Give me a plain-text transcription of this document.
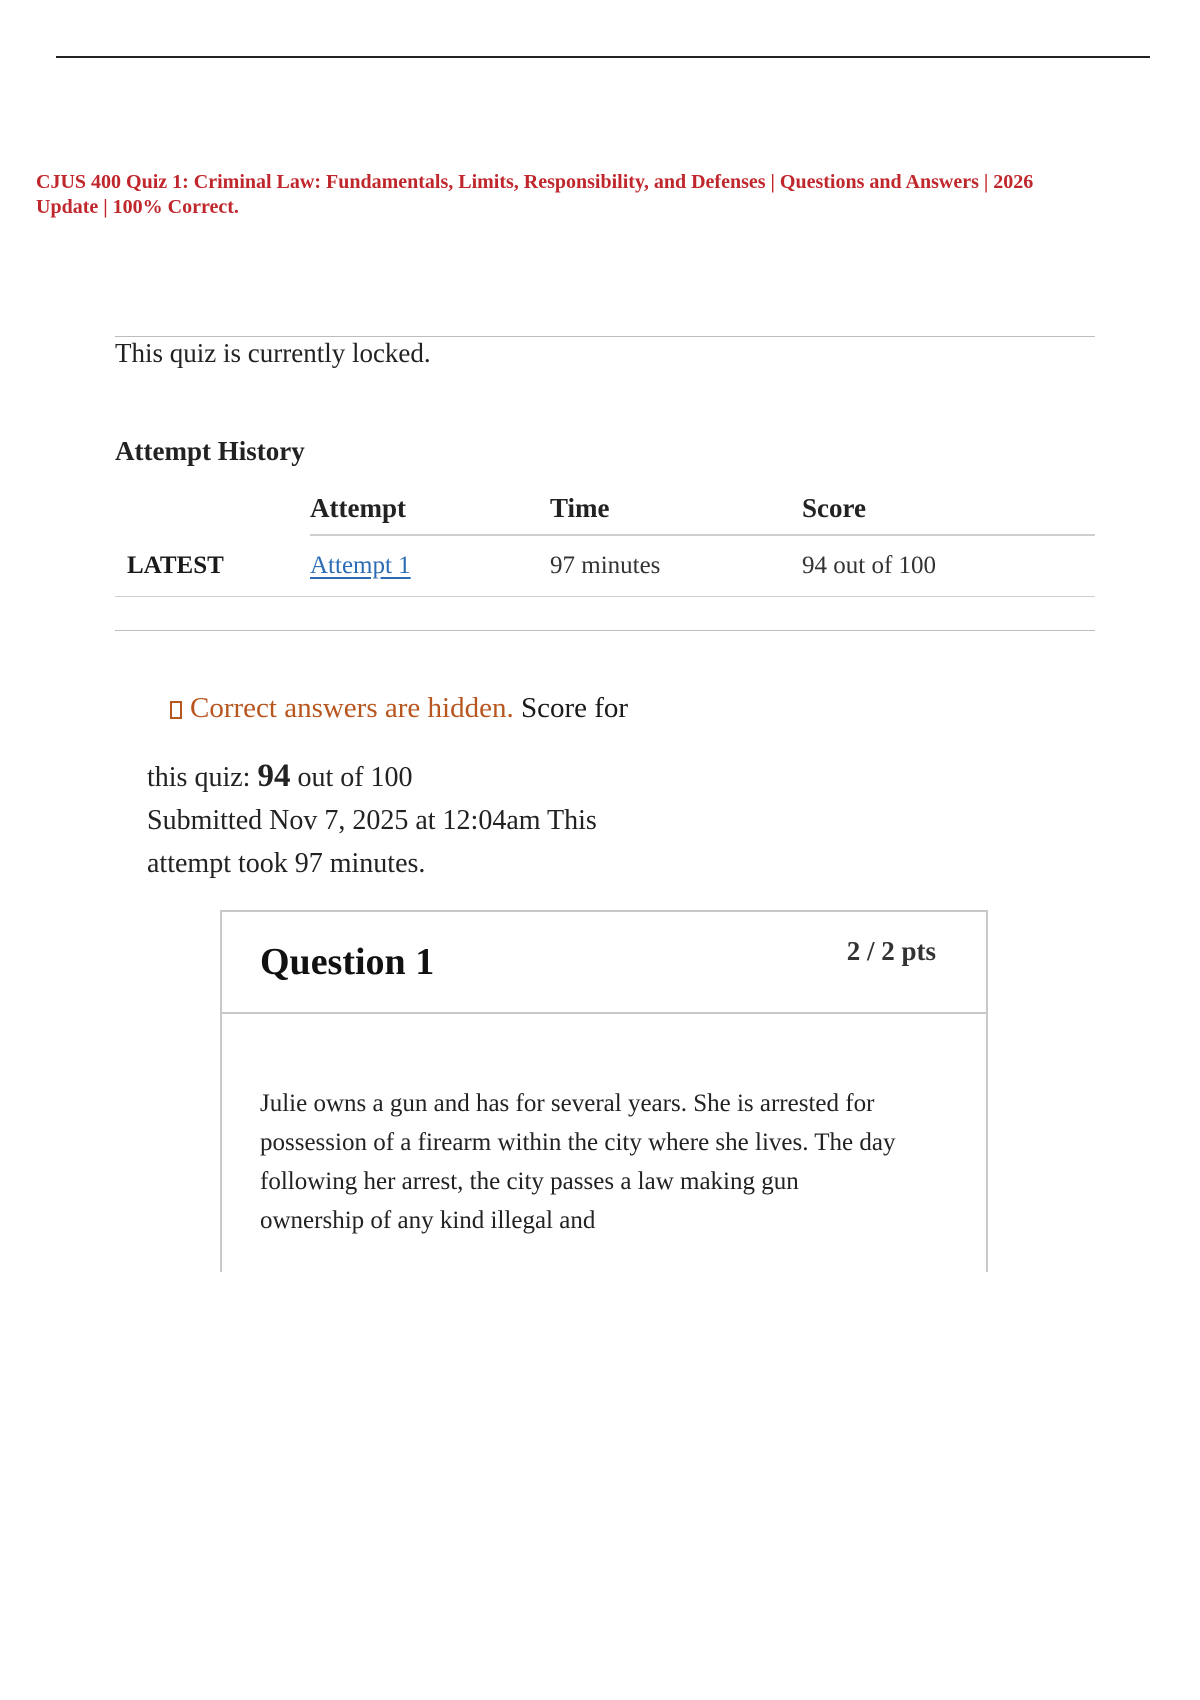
CJUS 400 Quiz 1: Criminal Law: Fundamentals, Limits, Responsibility, and Defenses | Questions and Answers | 2026
Update | 100% Correct.

This quiz is currently locked.

Attempt History
	Attempt	Time	Score
LATEST	Attempt 1	97 minutes	94 out of 100

Correct answers are hidden. Score for

this quiz: 94 out of 100
Submitted Nov 7, 2025 at 12:04am This
attempt took 97 minutes.

Question 1	2 / 2 pts

Julie owns a gun and has for several years. She is arrested for
possession of a firearm within the city where she lives. The day
following her arrest, the city passes a law making gun
ownership of any kind illegal and
